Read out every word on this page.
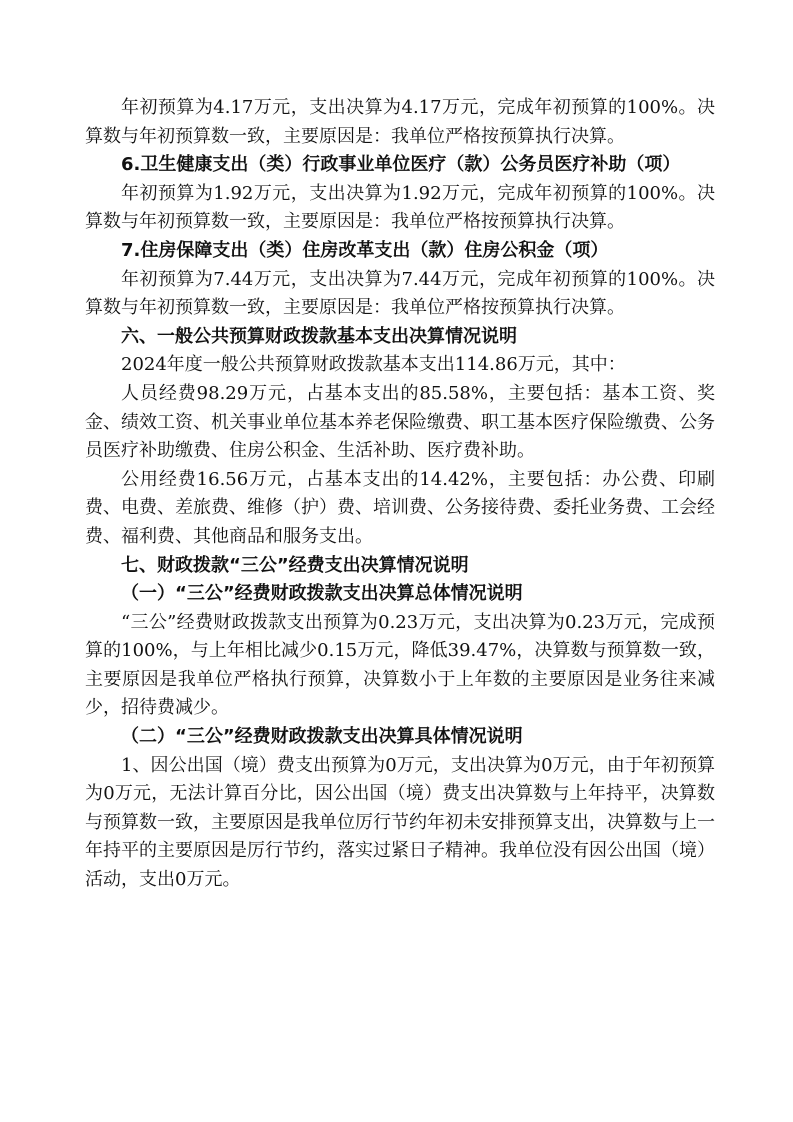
年初预算为4.17万元，支出决算为4.17万元，完成年初预算的100%。决算数与年初预算数一致，主要原因是：我单位严格按预算执行决算。

6.卫生健康支出（类）行政事业单位医疗（款）公务员医疗补助（项）

年初预算为1.92万元，支出决算为1.92万元，完成年初预算的100%。决算数与年初预算数一致，主要原因是：我单位严格按预算执行决算。

7.住房保障支出（类）住房改革支出（款）住房公积金（项）

年初预算为7.44万元，支出决算为7.44万元，完成年初预算的100%。决算数与年初预算数一致，主要原因是：我单位严格按预算执行决算。

六、一般公共预算财政拨款基本支出决算情况说明

2024年度一般公共预算财政拨款基本支出114.86万元，其中：

人员经费98.29万元，占基本支出的85.58%，主要包括：基本工资、奖金、绩效工资、机关事业单位基本养老保险缴费、职工基本医疗保险缴费、公务员医疗补助缴费、住房公积金、生活补助、医疗费补助。

公用经费16.56万元，占基本支出的14.42%，主要包括：办公费、印刷费、电费、差旅费、维修（护）费、培训费、公务接待费、委托业务费、工会经费、福利费、其他商品和服务支出。

七、财政拨款“三公”经费支出决算情况说明

（一）“三公”经费财政拨款支出决算总体情况说明

“三公”经费财政拨款支出预算为0.23万元，支出决算为0.23万元，完成预算的100%，与上年相比减少0.15万元，降低39.47%，决算数与预算数一致，主要原因是我单位严格执行预算，决算数小于上年数的主要原因是业务往来减少，招待费减少。

（二）“三公”经费财政拨款支出决算具体情况说明

1、因公出国（境）费支出预算为0万元，支出决算为0万元，由于年初预算为0万元，无法计算百分比，因公出国（境）费支出决算数与上年持平，决算数与预算数一致，主要原因是我单位厉行节约年初未安排预算支出，决算数与上一年持平的主要原因是厉行节约，落实过紧日子精神。我单位没有因公出国（境）活动，支出0万元。
